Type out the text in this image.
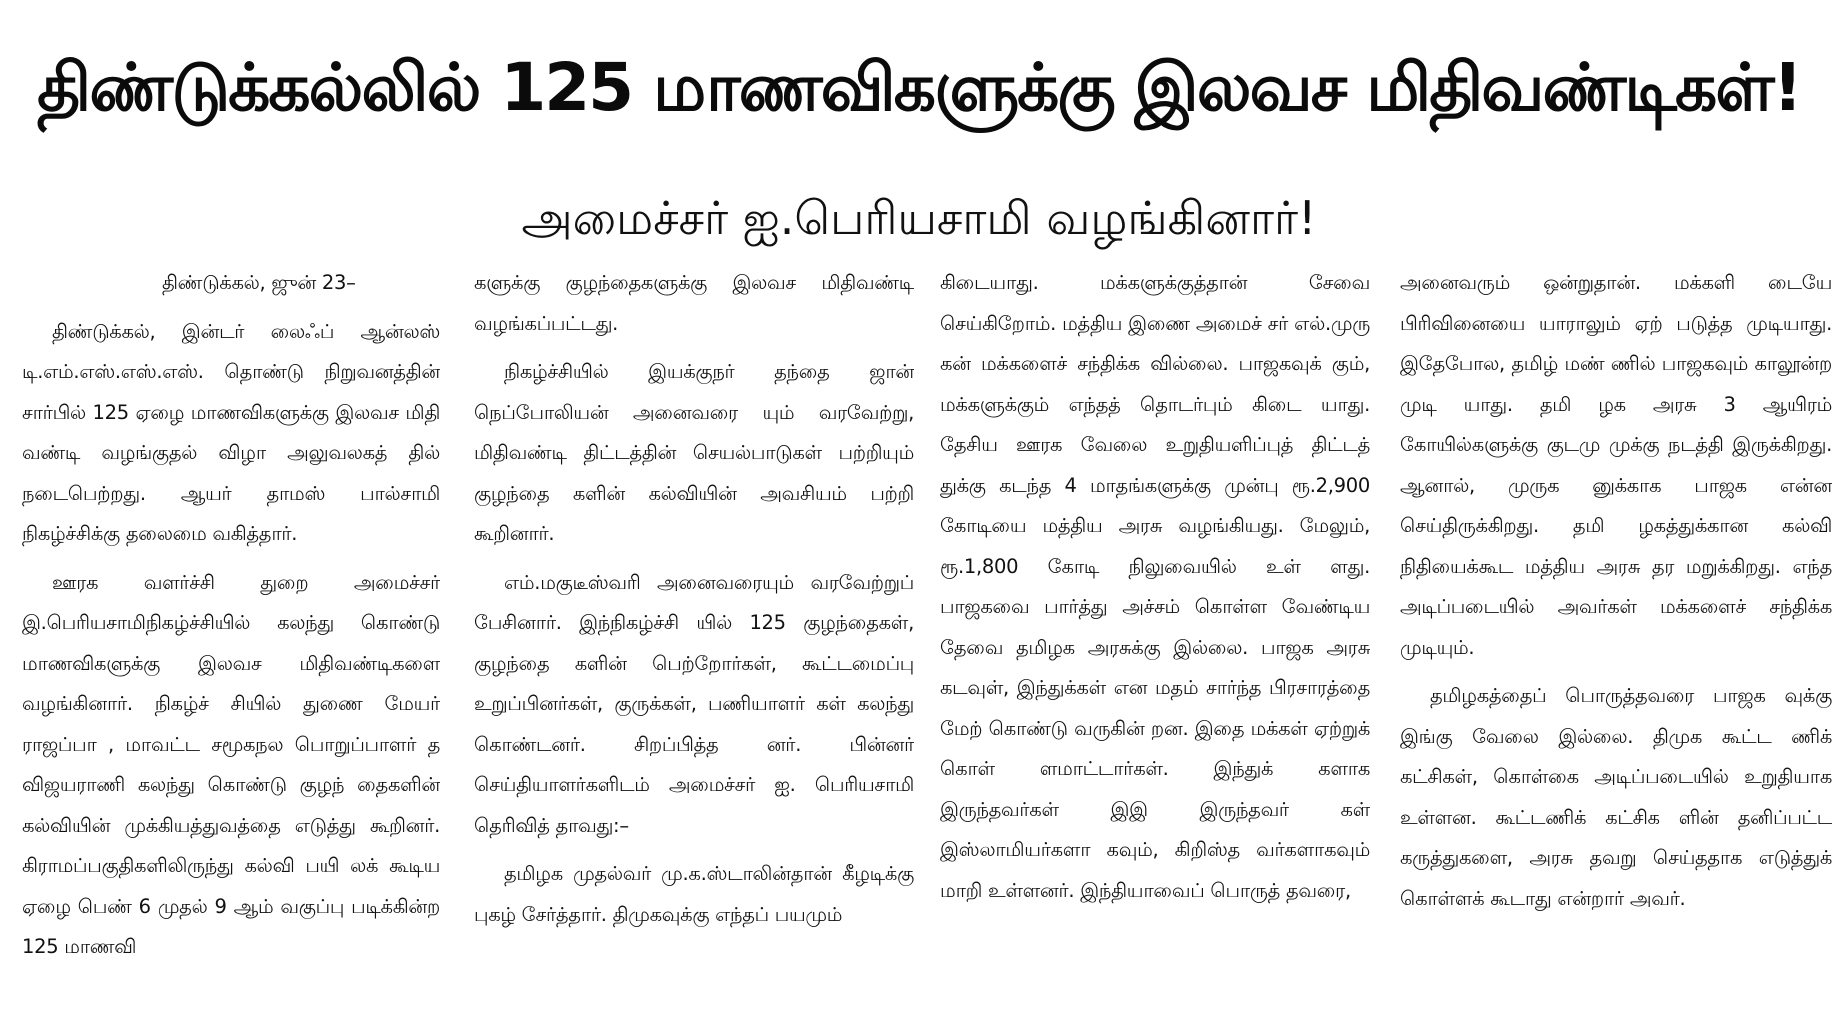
திண்டுக்கல்லில் 125 மாணவிகளுக்கு இலவச மிதிவண்டிகள்!
அமைச்சர் ஐ.பெரியசாமி வழங்கினார்!

திண்டுக்கல், ஜுன் 23–

திண்டுக்கல், இன்டர் லைஃப் ஆன்லஸ் டி.எம்.எஸ்.எஸ்.எஸ். தொண்டு நிறுவனத்தின் சார்பில் 125 ஏழை மாணவிகளுக்கு இலவச மிதி வண்டி வழங்குதல் விழா அலுவலகத் தில் நடைபெற்றது. ஆயர் தாமஸ் பால்சாமி நிகழ்ச்சிக்கு தலைமை வகித்தார்.

ஊரக வளர்ச்சி துறை அமைச்சர் இ.பெரியசாமிநிகழ்ச்சியில் கலந்து கொண்டு மாணவிகளுக்கு இலவச மிதிவண்டிகளை வழங்கினார். நிகழ்ச் சியில் துணை மேயர் ராஜப்பா , மாவட்ட சமூகநல பொறுப்பாளர் த விஜயராணி கலந்து கொண்டு குழந் தைகளின் கல்வியின் முக்கியத்துவத்தை எடுத்து கூறினர். கிராமப்பகுதிகளிலிருந்து கல்வி பயி லக் கூடிய ஏழை பெண் 6 முதல் 9 ஆம் வகுப்பு படிக்கின்ற 125 மாணவி

களுக்கு குழந்தைகளுக்கு இலவச மிதிவண்டி வழங்கப்பட்டது.

நிகழ்ச்சியில் இயக்குநர் தந்தை ஜான் நெப்போலியன் அனைவரை யும் வரவேற்று, மிதிவண்டி திட்டத்தின் செயல்பாடுகள் பற்றியும் குழந்தை களின் கல்வியின் அவசியம் பற்றி கூறினார்.

எம்.மகுடீஸ்வரி அனைவரையும் வரவேற்றுப் பேசினார். இந்நிகழ்ச்சி யில் 125 குழந்தைகள், குழந்தை களின் பெற்றோர்கள், கூட்டமைப்பு உறுப்பினர்கள், குருக்கள், பணியாளர் கள் கலந்து கொண்டனர். சிறப்பித்த னர். பின்னர் செய்தியாளர்களிடம் அமைச்சர் ஐ. பெரியசாமி தெரிவித் தாவது:–

தமிழக முதல்வர் மு.க.ஸ்டாலின்தான் கீழடிக்கு புகழ் சேர்த்தார். திமுகவுக்கு எந்தப் பயமும்

கிடையாது. மக்களுக்குத்தான் சேவை செய்கிறோம். மத்திய இணை அமைச் சர் எல்.முரு கன் மக்களைச் சந்திக்க வில்லை. பாஜகவுக் கும், மக்களுக்கும் எந்தத் தொடர்பும் கிடை யாது. தேசிய ஊரக வேலை உறுதியளிப்புத் திட்டத் துக்கு கடந்த 4 மாதங்களுக்கு முன்பு ரூ.2,900 கோடியை மத்திய அரசு வழங்கியது. மேலும், ரூ.1,800 கோடி நிலுவையில் உள் ளது. பாஜகவை பார்த்து அச்சம் கொள்ள வேண்டிய தேவை தமிழக அரசுக்கு இல்லை. பாஜக அரசு கடவுள், இந்துக்கள் என மதம் சார்ந்த பிரசாரத்தை மேற் கொண்டு வருகின் றன. இதை மக்கள் ஏற்றுக் கொள் ளமாட்டார்கள். இந்துக் களாக இருந்தவர்கள் இஇ இருந்தவர் கள் இஸ்லாமியர்களா கவும், கிறிஸ்த வர்களாகவும் மாறி உள்ளனர். இந்தியாவைப் பொருத் தவரை,

அனைவரும் ஒன்றுதான். மக்களி டையே பிரிவினையை யாராலும் ஏற் படுத்த முடியாது. இதேபோல, தமிழ் மண் ணில் பாஜகவும் காலூன்ற முடி யாது. தமி ழக அரசு 3 ஆயிரம் கோயில்களுக்கு குடமு முக்கு நடத்தி இருக்கிறது. ஆனால், முருக னுக்காக பாஜக என்ன செய்திருக்கிறது. தமி ழகத்துக்கான கல்வி நிதியைக்கூட மத்திய அரசு தர மறுக்கிறது. எந்த அடிப்படையில் அவர்கள் மக்களைச் சந்திக்க முடியும்.

தமிழகத்தைப் பொருத்தவரை பாஜக வுக்கு இங்கு வேலை இல்லை. திமுக கூட்ட ணிக் கட்சிகள், கொள்கை அடிப்படையில் உறுதியாக உள்ளன. கூட்டணிக் கட்சிக ளின் தனிப்பட்ட கருத்துகளை, அரசு தவறு செய்ததாக எடுத்துக் கொள்ளக் கூடாது என்றார் அவர்.
